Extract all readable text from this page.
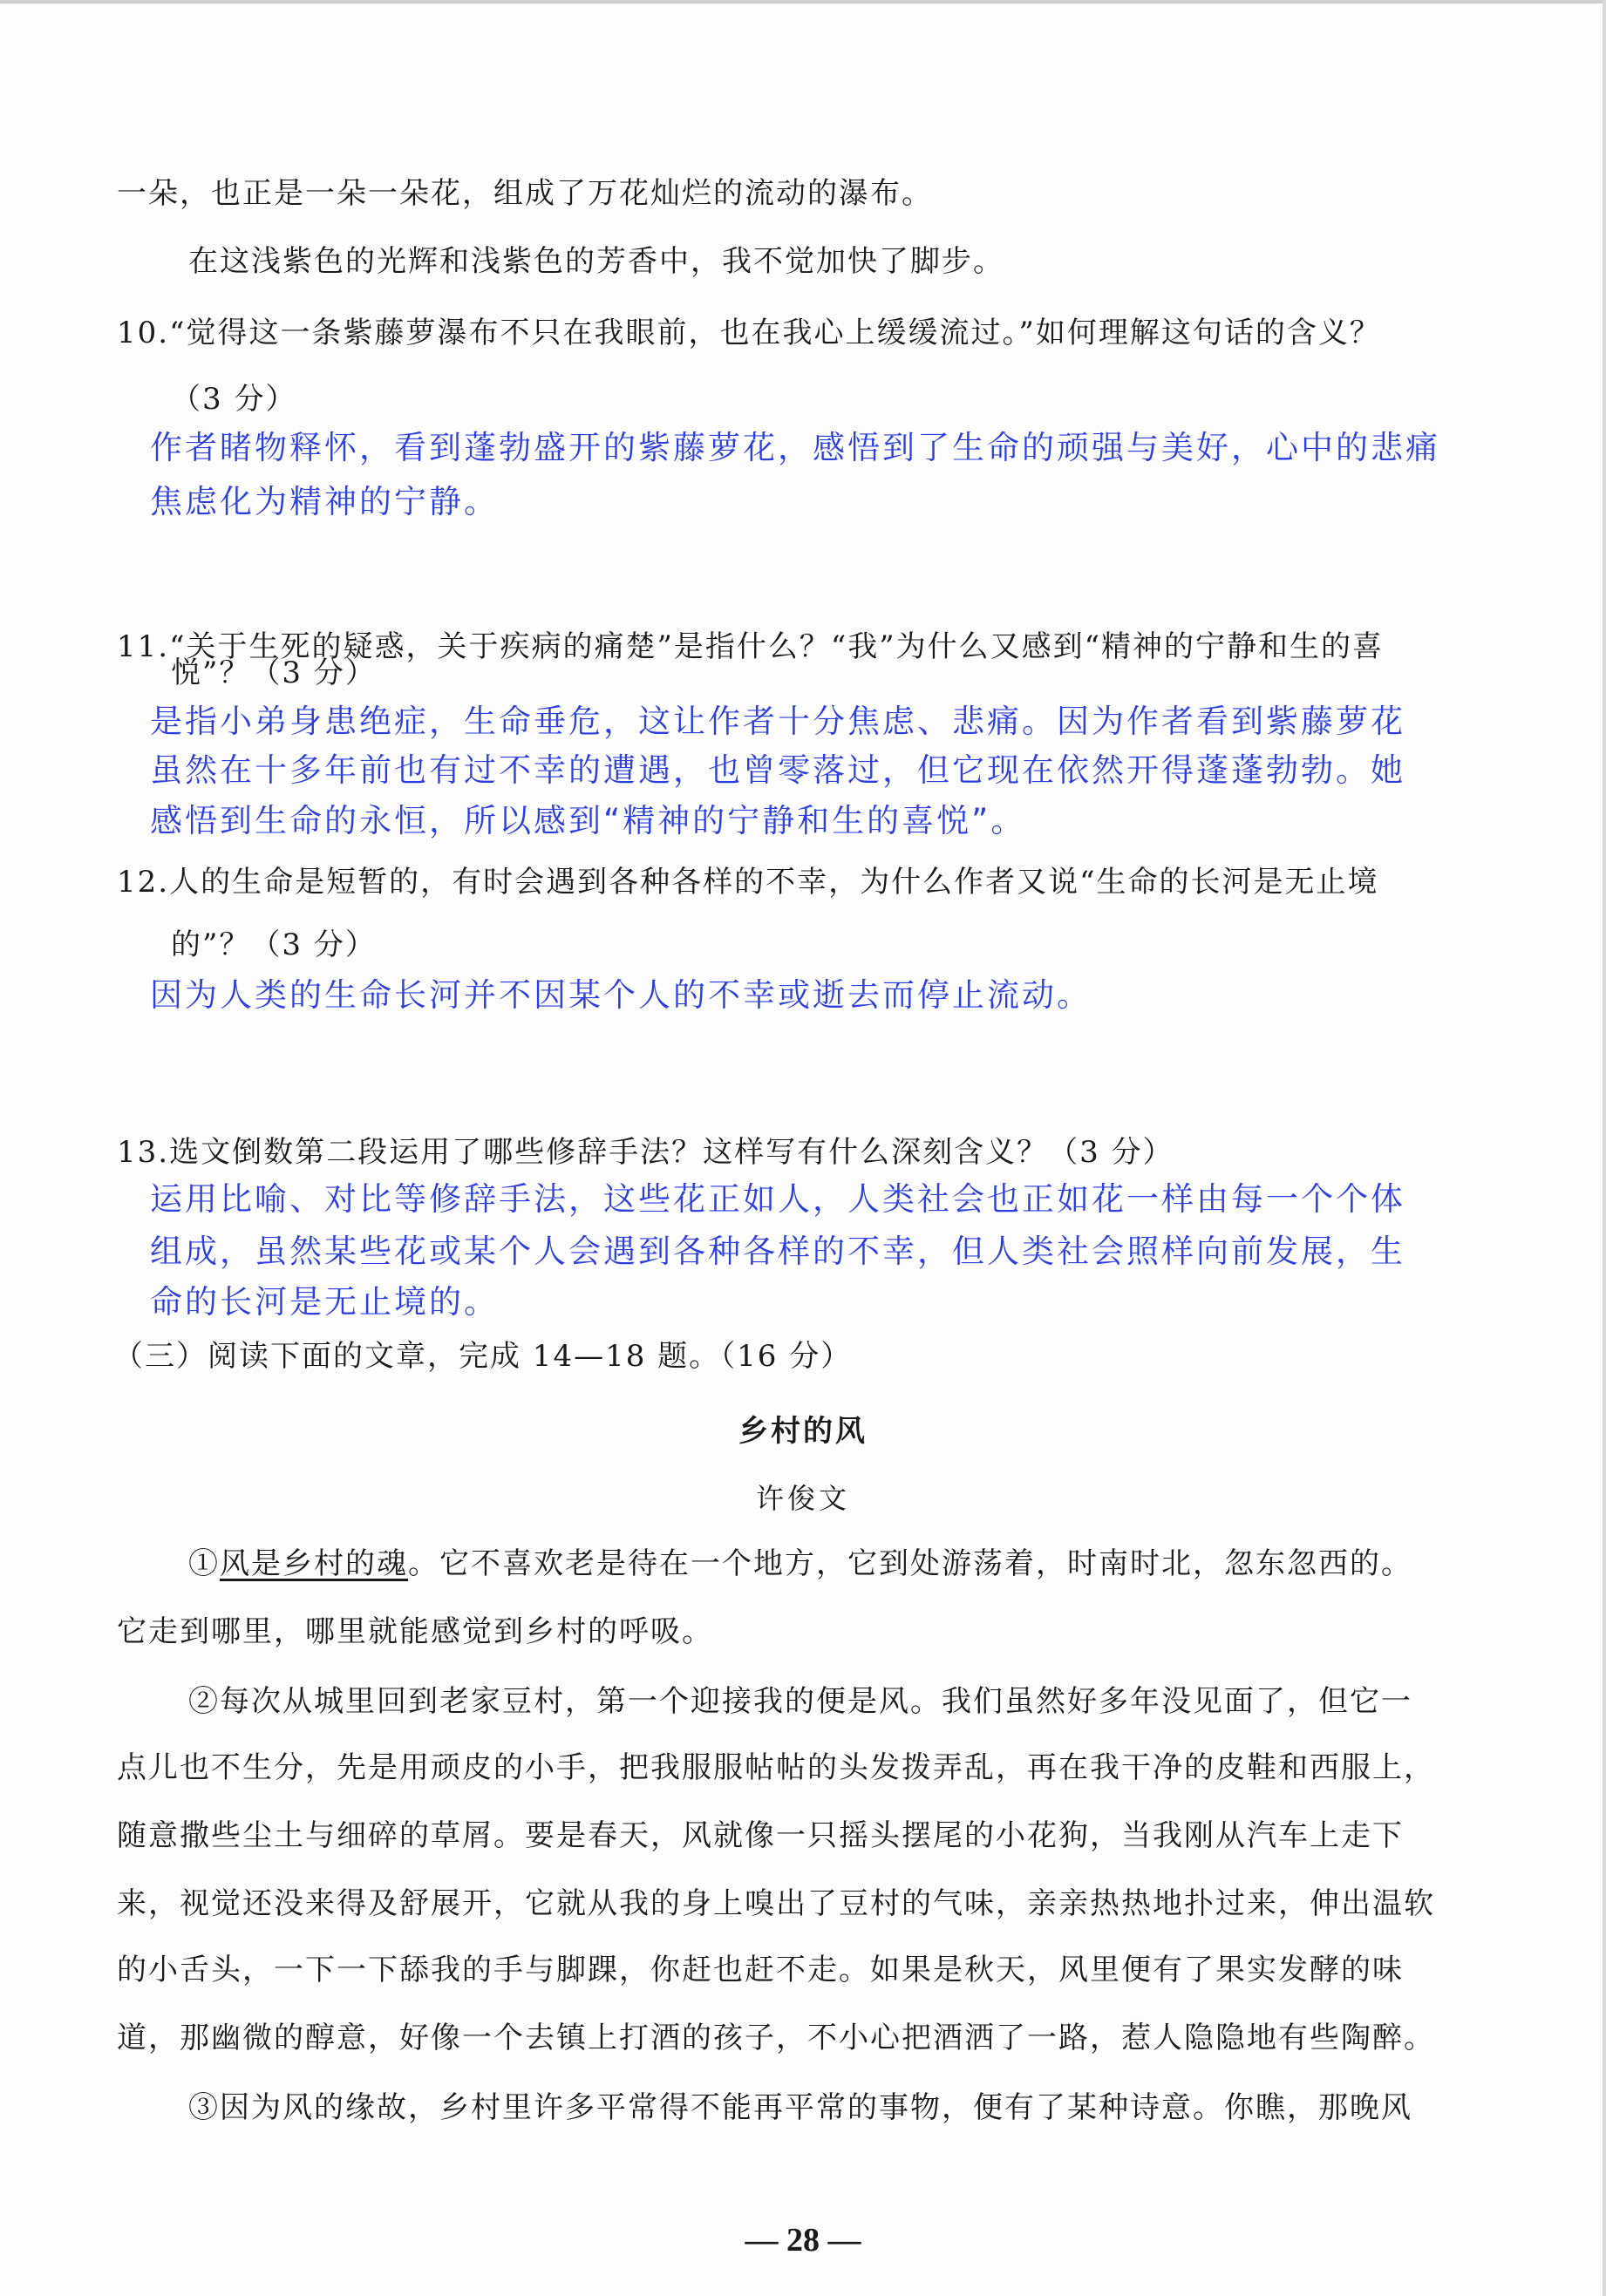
一朵，也正是一朵一朵花，组成了万花灿烂的流动的瀑布。
在这浅紫色的光辉和浅紫色的芳香中，我不觉加快了脚步。
10.“觉得这一条紫藤萝瀑布不只在我眼前，也在我心上缓缓流过。”如何理解这句话的含义？
（3 分）
作者睹物释怀，看到蓬勃盛开的紫藤萝花，感悟到了生命的顽强与美好，心中的悲痛
焦虑化为精神的宁静。
11.“关于生死的疑惑，关于疾病的痛楚”是指什么？“我”为什么又感到“精神的宁静和生的喜
悦”？（3 分）
是指小弟身患绝症，生命垂危，这让作者十分焦虑、悲痛。因为作者看到紫藤萝花
虽然在十多年前也有过不幸的遭遇，也曾零落过，但它现在依然开得蓬蓬勃勃。她
感悟到生命的永恒，所以感到“精神的宁静和生的喜悦”。
12.人的生命是短暂的，有时会遇到各种各样的不幸，为什么作者又说“生命的长河是无止境
的”？（3 分）
因为人类的生命长河并不因某个人的不幸或逝去而停止流动。
13.选文倒数第二段运用了哪些修辞手法？这样写有什么深刻含义？（3 分）
运用比喻、对比等修辞手法，这些花正如人，人类社会也正如花一样由每一个个体
组成，虽然某些花或某个人会遇到各种各样的不幸，但人类社会照样向前发展，生
命的长河是无止境的。
（三）阅读下面的文章，完成 14—18 题。（16 分）
乡村的风
许俊文
①风是乡村的魂。它不喜欢老是待在一个地方，它到处游荡着，时南时北，忽东忽西的。
它走到哪里，哪里就能感觉到乡村的呼吸。
②每次从城里回到老家豆村，第一个迎接我的便是风。我们虽然好多年没见面了，但它一
点儿也不生分，先是用顽皮的小手，把我服服帖帖的头发拨弄乱，再在我干净的皮鞋和西服上，
随意撒些尘土与细碎的草屑。要是春天，风就像一只摇头摆尾的小花狗，当我刚从汽车上走下
来，视觉还没来得及舒展开，它就从我的身上嗅出了豆村的气味，亲亲热热地扑过来，伸出温软
的小舌头，一下一下舔我的手与脚踝，你赶也赶不走。如果是秋天，风里便有了果实发酵的味
道，那幽微的醇意，好像一个去镇上打酒的孩子，不小心把酒洒了一路，惹人隐隐地有些陶醉。
③因为风的缘故，乡村里许多平常得不能再平常的事物，便有了某种诗意。你瞧，那晚风
— 28 —
